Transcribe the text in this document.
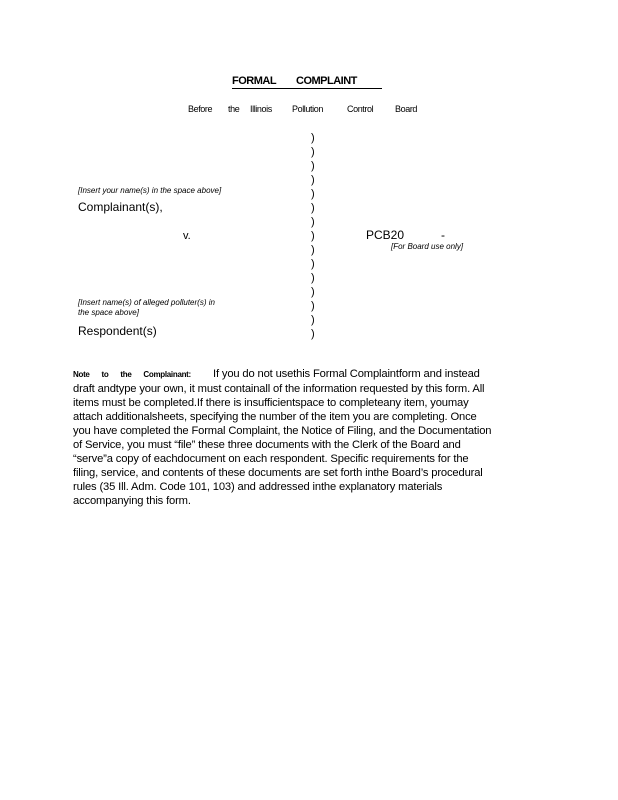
FORMAL COMPLAINT
Before the Illinois Pollution	Control Board
)
)
)
)
)
)
)
)
)
)
)
)
)
)
)
[Insert your name(s) in the space above]
Complainant(s),
v.	PCB20	-
[For Board use only]
[Insert name(s) of alleged polluter(s) in
the space above]
Respondent(s)
Note to the Complainant: If you do not usethis Formal Complaintform and instead
draft andtype your own, it must containall of the information requested by this form. All
items must be completed.If there is insufficientspace to completeany item, youmay
attach additionalsheets, specifying the number of the item you are completing. Once
you have completed the Formal Complaint, the Notice of Filing, and the Documentation
of Service, you must “file” these three documents with the Clerk of the Board and
“serve”a copy of eachdocument on each respondent. Specific requirements for the
filing, service, and contents of these documents are set forth inthe Board’s procedural
rules (35 Ill. Adm. Code 101, 103) and addressed inthe explanatory materials
accompanying this form.
